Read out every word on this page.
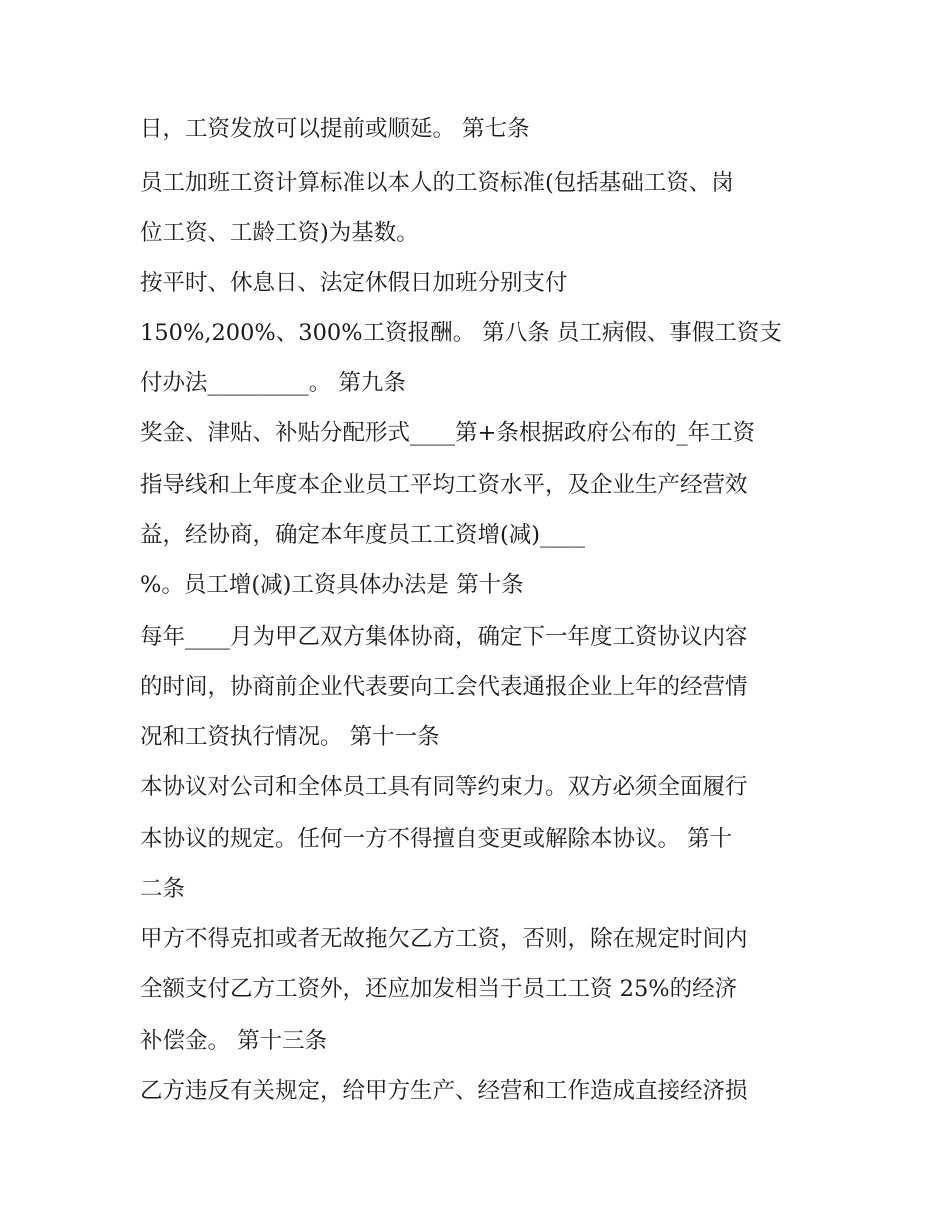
日，工资发放可以提前或顺延。 第七条
员工加班工资计算标准以本人的工资标准(包括基础工资、岗
位工资、工龄工资)为基数。
按平时、休息日、法定休假日加班分别支付
150%,200%、300%工资报酬。 第八条 员工病假、事假工资支
付办法_________。 第九条
奖金、津贴、补贴分配形式____第+条根据政府公布的_年工资
指导线和上年度本企业员工平均工资水平，及企业生产经营效
益，经协商，确定本年度员工工资增(减)____
%。员工增(减)工资具体办法是 第十条
每年____月为甲乙双方集体协商，确定下一年度工资协议内容
的时间，协商前企业代表要向工会代表通报企业上年的经营情
况和工资执行情况。 第十一条
本协议对公司和全体员工具有同等约束力。双方必须全面履行
本协议的规定。任何一方不得擅自变更或解除本协议。 第十
二条
甲方不得克扣或者无故拖欠乙方工资，否则，除在规定时间内
全额支付乙方工资外，还应加发相当于员工工资 25%的经济
补偿金。 第十三条
乙方违反有关规定，给甲方生产、经营和工作造成直接经济损
